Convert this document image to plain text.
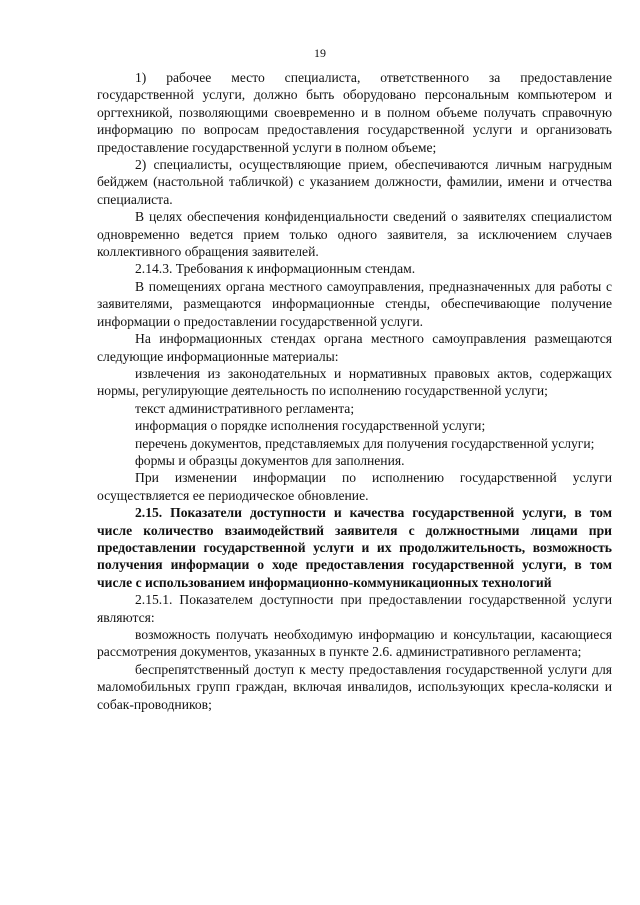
19

1) рабочее место специалиста, ответственного за предоставление государственной услуги, должно быть оборудовано персональным компьютером и оргтехникой, позволяющими своевременно и в полном объеме получать справочную информацию по вопросам предоставления государственной услуги и организовать предоставление государственной услуги в полном объеме;

2) специалисты, осуществляющие прием, обеспечиваются личным нагрудным бейджем (настольной табличкой) с указанием должности, фамилии, имени и отчества специалиста.

В целях обеспечения конфиденциальности сведений о заявителях специалистом одновременно ведется прием только одного заявителя, за исключением случаев коллективного обращения заявителей.

2.14.3. Требования к информационным стендам.

В помещениях органа местного самоуправления, предназначенных для работы с заявителями, размещаются информационные стенды, обеспечивающие получение информации о предоставлении государственной услуги.

На информационных стендах органа местного самоуправления размещаются следующие информационные материалы:

извлечения из законодательных и нормативных правовых актов, содержащих нормы, регулирующие деятельность по исполнению государственной услуги;

текст административного регламента;

информация о порядке исполнения государственной услуги;

перечень документов, представляемых для получения государственной услуги;

формы и образцы документов для заполнения.

При изменении информации по исполнению государственной услуги осуществляется ее периодическое обновление.

2.15. Показатели доступности и качества государственной услуги, в том числе количество взаимодействий заявителя с должностными лицами при предоставлении государственной услуги и их продолжительность, возможность получения информации о ходе предоставления государственной услуги, в том числе с использованием информационно-коммуникационных технологий

2.15.1. Показателем доступности при предоставлении государственной услуги являются:

возможность получать необходимую информацию и консультации, касающиеся рассмотрения документов, указанных в пункте 2.6. административного регламента;

беспрепятственный доступ к месту предоставления государственной услуги для маломобильных групп граждан, включая инвалидов, использующих кресла-коляски и собак-проводников;
